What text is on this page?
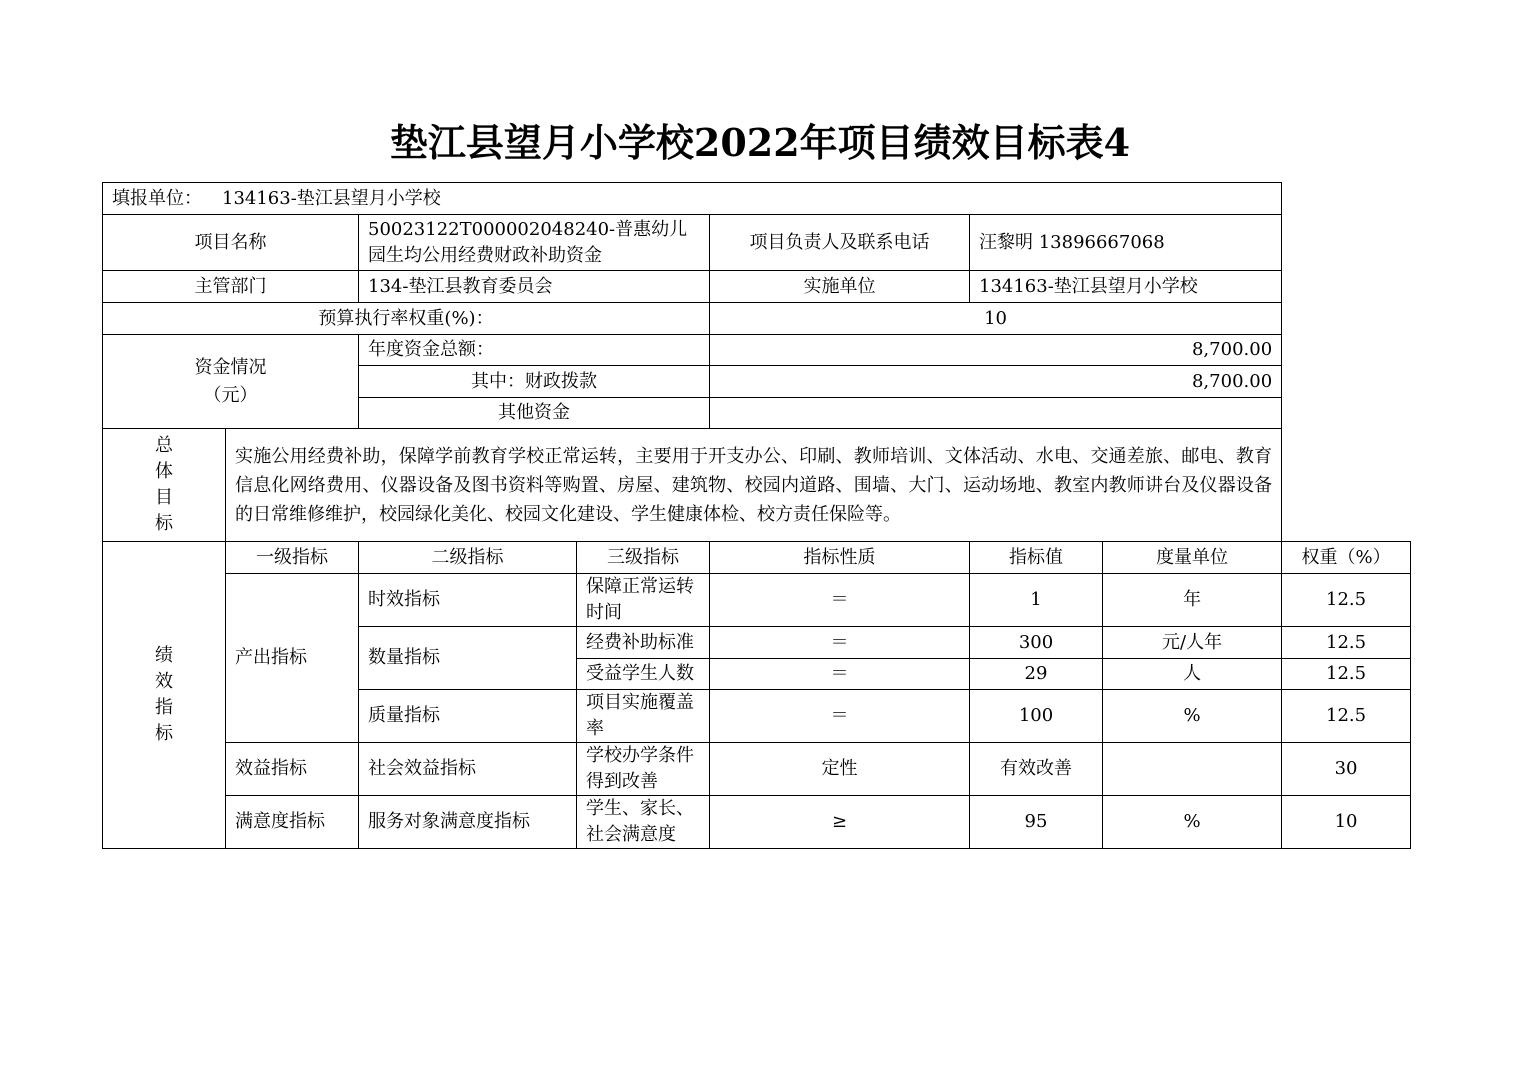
垫江县望月小学校2022年项目绩效目标表4
填报单位： 134163-垫江县望月小学校							
项目名称		50023122T000002048240-普惠幼儿园生均公用经费财政补助资金		项目负责人及联系电话	汪黎明 13896667068		
主管部门		134-垫江县教育委员会		实施单位	134163-垫江县望月小学校		
预算执行率权重(%)：				10			
资金情况
（元）		年度资金总额：		8,700.00			
		其中：财政拨款		8,700.00			
		其他资金					

总
体
目
标	实施公用经费补助，保障学前教育学校正常运转，主要用于开支办公、印刷、教师培训、文体活动、水电、交通差旅、邮电、教育信息化网络费用、仪器设备及图书资料等购置、房屋、建筑物、校园内道路、围墙、大门、运动场地、教室内教师讲台及仪器设备的日常维修维护，校园绿化美化、校园文化建设、学生健康体检、校方责任保险等。						

绩
效
指
标	一级指标	二级指标	三级指标	指标性质	指标值	度量单位	权重（%）
	产出指标	时效指标	保障正常运转时间	＝	1	年	12.5
		数量指标	经费补助标准	＝	300	元/人年	12.5
			受益学生人数	＝	29	人	12.5
		质量指标	项目实施覆盖率	＝	100	%	12.5
	效益指标	社会效益指标	学校办学条件得到改善	定性	有效改善		30
	满意度指标	服务对象满意度指标	学生、家长、社会满意度	≥	95	%	10
